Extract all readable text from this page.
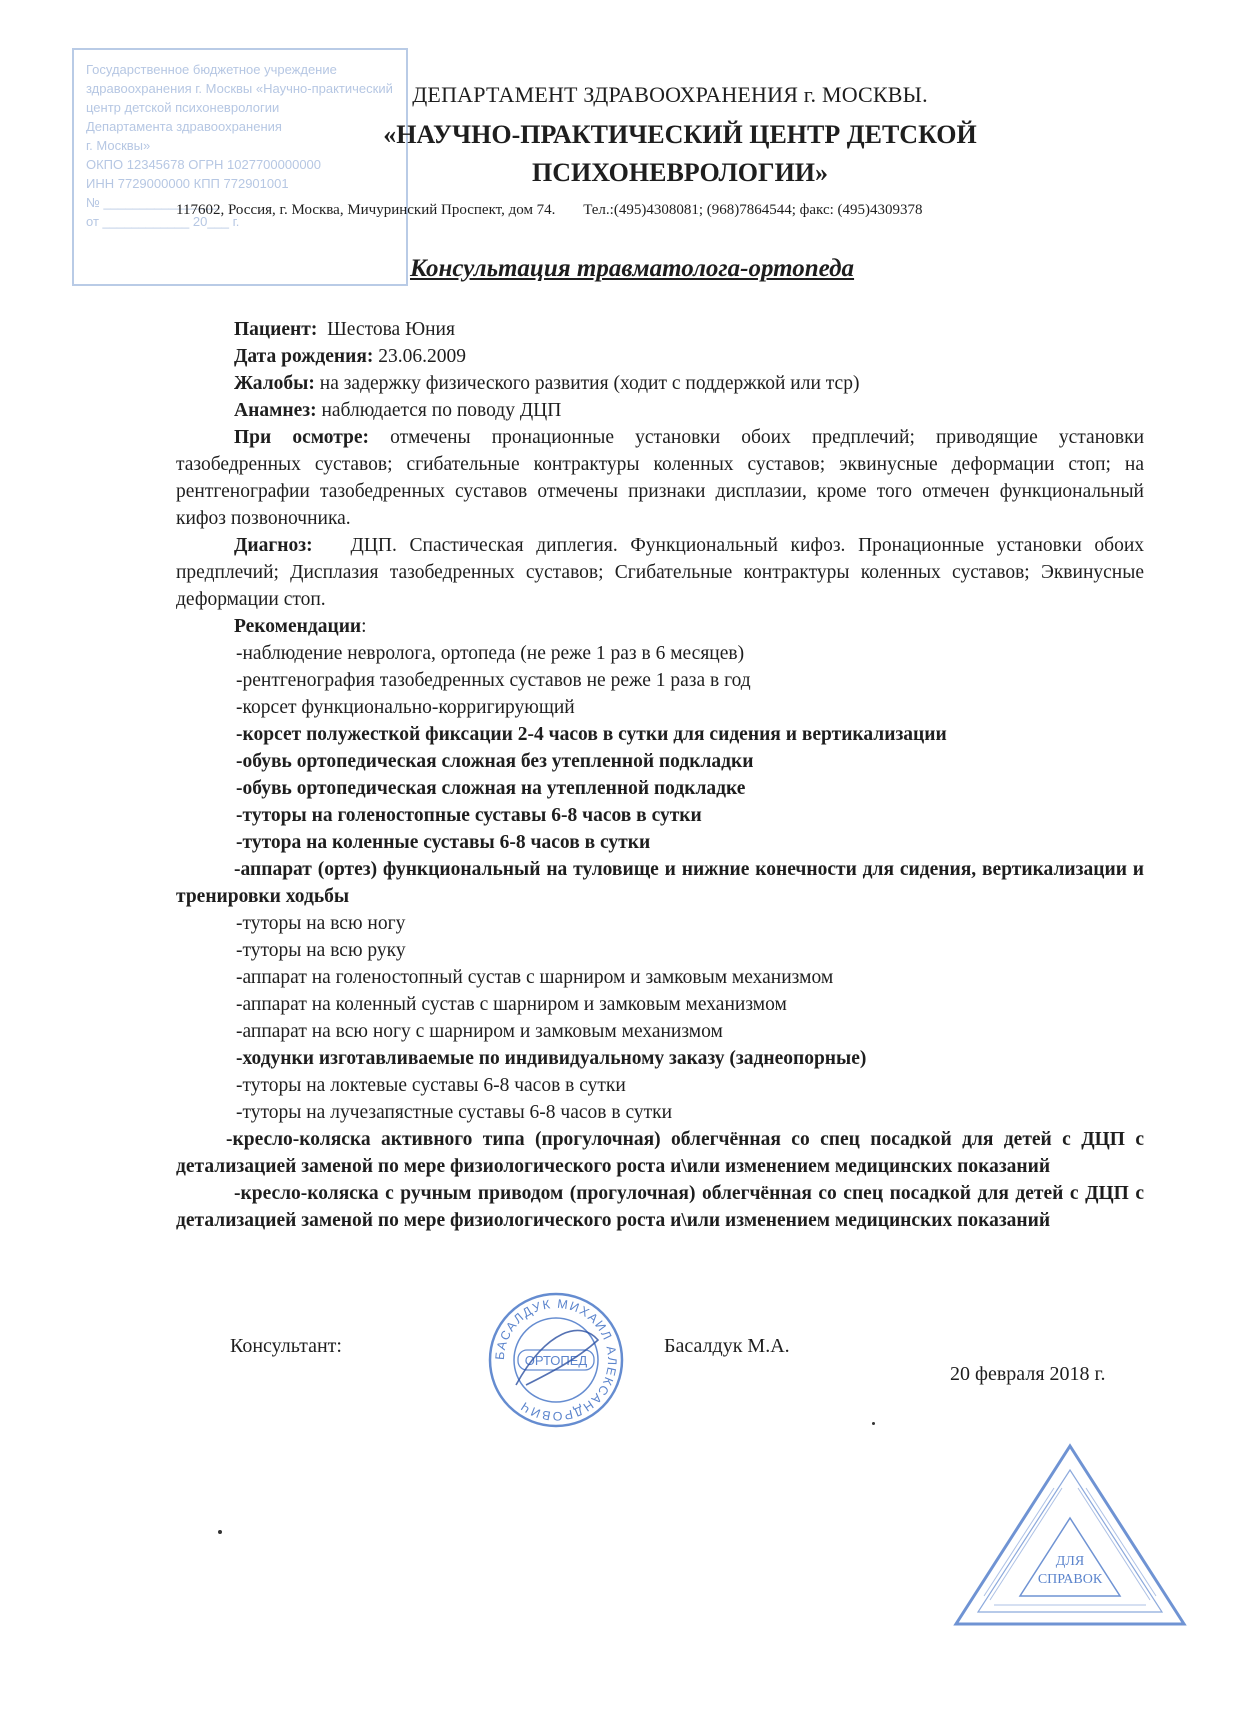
Государственное бюджетное учреждение
здравоохранения г. Москвы «Научно-практический
центр детской психоневрологии
Департамента здравоохранения
г. Москвы»
ОКПО 12345678 ОГРН 1027700000000
ИНН 7729000000 КПП 772901001
№ ________________
от ____________ 20___ г.
ДЕПАРТАМЕНТ ЗДРАВООХРАНЕНИЯ г. МОСКВЫ.
«НАУЧНО-ПРАКТИЧЕСКИЙ ЦЕНТР ДЕТСКОЙ
ПСИХОНЕВРОЛОГИИ»
117602, Россия, г. Москва, Мичуринский Проспект, дом 74. Тел.:(495)4308081; (968)7864544; факс: (495)4309378
Консультация травматолога-ортопеда
Пациент: Шестова Юния
Дата рождения: 23.06.2009
Жалобы: на задержку физического развития (ходит с поддержкой или тср)
Анамнез: наблюдается по поводу ДЦП
При осмотре: отмечены пронационные установки обоих предплечий; приводящие установки тазобедренных суставов; сгибательные контрактуры коленных суставов; эквинусные деформации стоп; на рентгенографии тазобедренных суставов отмечены признаки дисплазии, кроме того отмечен функциональный кифоз позвоночника.
Диагноз: ДЦП. Спастическая диплегия. Функциональный кифоз. Пронационные установки обоих предплечий; Дисплазия тазобедренных суставов; Сгибательные контрактуры коленных суставов; Эквинусные деформации стоп.
Рекомендации:
-наблюдение невролога, ортопеда (не реже 1 раз в 6 месяцев)
-рентгенография тазобедренных суставов не реже 1 раза в год
-корсет функционально-корригирующий
-корсет полужесткой фиксации 2-4 часов в сутки для сидения и вертикализации
-обувь ортопедическая сложная без утепленной подкладки
-обувь ортопедическая сложная на утепленной подкладке
-туторы на голеностопные суставы 6-8 часов в сутки
-тутора на коленные суставы 6-8 часов в сутки
-аппарат (ортез) функциональный на туловище и нижние конечности для сидения, вертикализации и тренировки ходьбы
-туторы на всю ногу
-туторы на всю руку
-аппарат на голеностопный сустав с шарниром и замковым механизмом
-аппарат на коленный сустав с шарниром и замковым механизмом
-аппарат на всю ногу с шарниром и замковым механизмом
-ходунки изготавливаемые по индивидуальному заказу (заднеопорные)
-туторы на локтевые суставы 6-8 часов в сутки
-туторы на лучезапястные суставы 6-8 часов в сутки
-кресло-коляска активного типа (прогулочная) облегчённая со спец посадкой для детей с ДЦП с детализацией заменой по мере физиологического роста и\или изменением медицинских показаний
-кресло-коляска с ручным приводом (прогулочная) облегчённая со спец посадкой для детей с ДЦП с детализацией заменой по мере физиологического роста и\или изменением медицинских показаний
Консультант:	Басалдук М.А.
20 февраля 2018 г.
БАСАЛДУК МИХАИЛ АЛЕКСАНДРОВИЧ
ОРТОПЕД
ДЛЯ
СПРАВОК
